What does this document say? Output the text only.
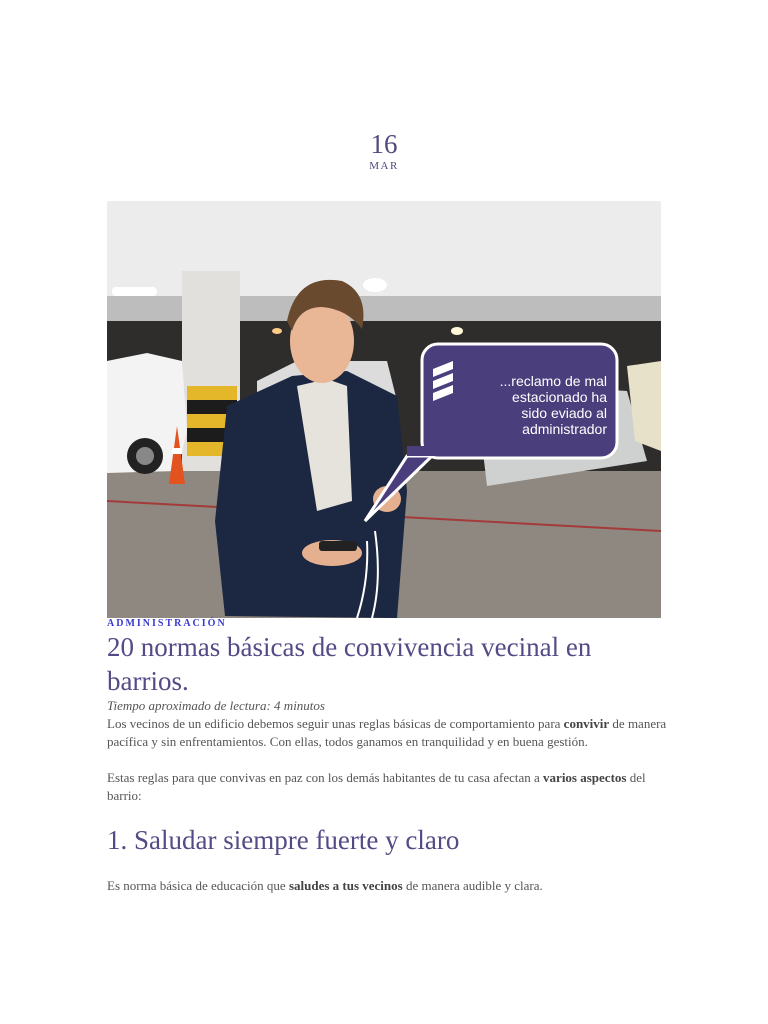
16
MAR
...reclamo de mal
estacionado ha
sido eviado al
administrador
ADMINISTRACIÓN
20 normas básicas de convivencia vecinal en barrios.
Tiempo aproximado de lectura: 4 minutos

Los vecinos de un edificio debemos seguir unas reglas básicas de comportamiento para convivir de manera pacífica y sin enfrentamientos. Con ellas, todos ganamos en tranquilidad y en buena gestión.

Estas reglas para que convivas en paz con los demás habitantes de tu casa afectan a varios aspectos del barrio:

1. Saludar siempre fuerte y claro

Es norma básica de educación que saludes a tus vecinos de manera audible y clara.
